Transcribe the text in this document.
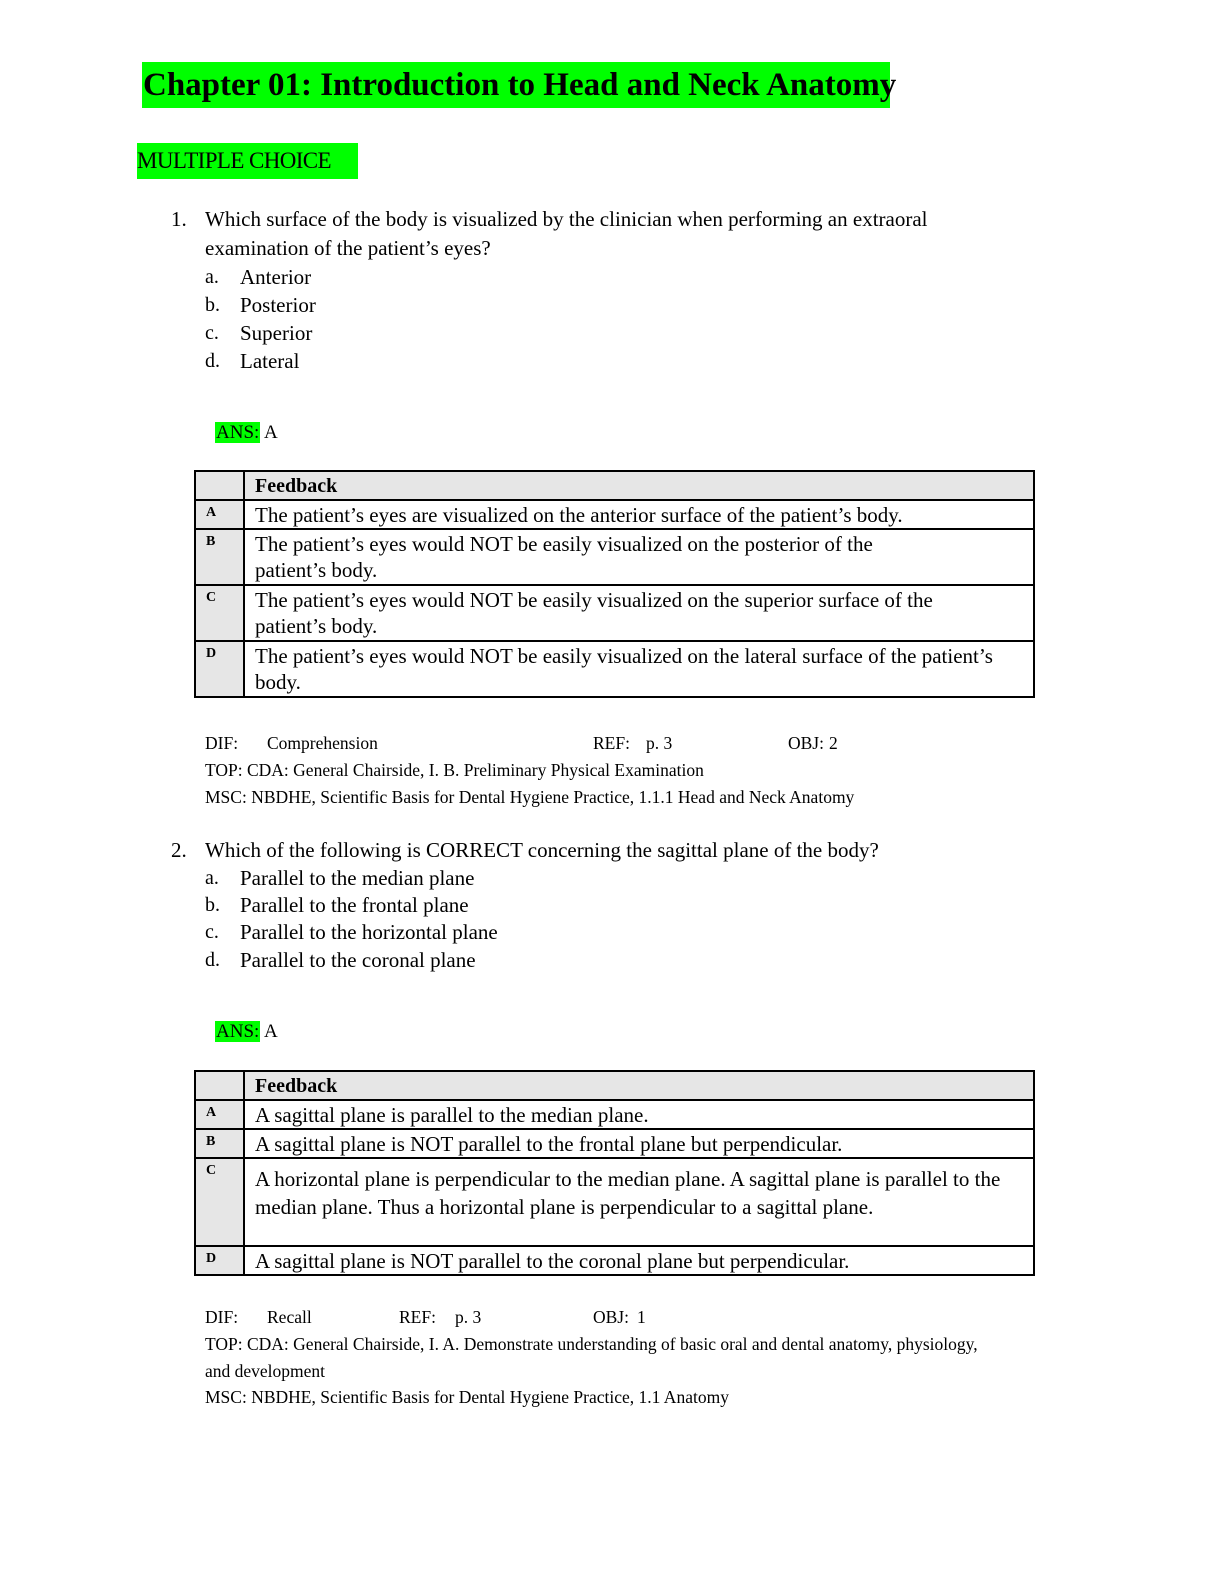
Chapter 01: Introduction to Head and Neck Anatomy
MULTIPLE CHOICE
1. Which surface of the body is visualized by the clinician when performing an extraoral
examination of the patient’s eyes?
a. Anterior
b. Posterior
c. Superior
d. Lateral
ANS: A
	Feedback
A	The patient’s eyes are visualized on the anterior surface of the patient’s body.
B	The patient’s eyes would NOT be easily visualized on the posterior of the patient’s body.
C	The patient’s eyes would NOT be easily visualized on the superior surface of the patient’s body.
D	The patient’s eyes would NOT be easily visualized on the lateral surface of the patient’s body.
DIF: Comprehension	REF: p. 3	OBJ: 2
TOP: CDA: General Chairside, I. B. Preliminary Physical Examination
MSC: NBDHE, Scientific Basis for Dental Hygiene Practice, 1.1.1 Head and Neck Anatomy
2. Which of the following is CORRECT concerning the sagittal plane of the body?
a. Parallel to the median plane
b. Parallel to the frontal plane
c. Parallel to the horizontal plane
d. Parallel to the coronal plane
ANS: A
	Feedback
A	A sagittal plane is parallel to the median plane.
B	A sagittal plane is NOT parallel to the frontal plane but perpendicular.
C	A horizontal plane is perpendicular to the median plane. A sagittal plane is parallel to the median plane. Thus a horizontal plane is perpendicular to a sagittal plane.
D	A sagittal plane is NOT parallel to the coronal plane but perpendicular.
DIF: Recall	REF: p. 3	OBJ: 1
TOP: CDA: General Chairside, I. A. Demonstrate understanding of basic oral and dental anatomy, physiology,
and development
MSC: NBDHE, Scientific Basis for Dental Hygiene Practice, 1.1 Anatomy
